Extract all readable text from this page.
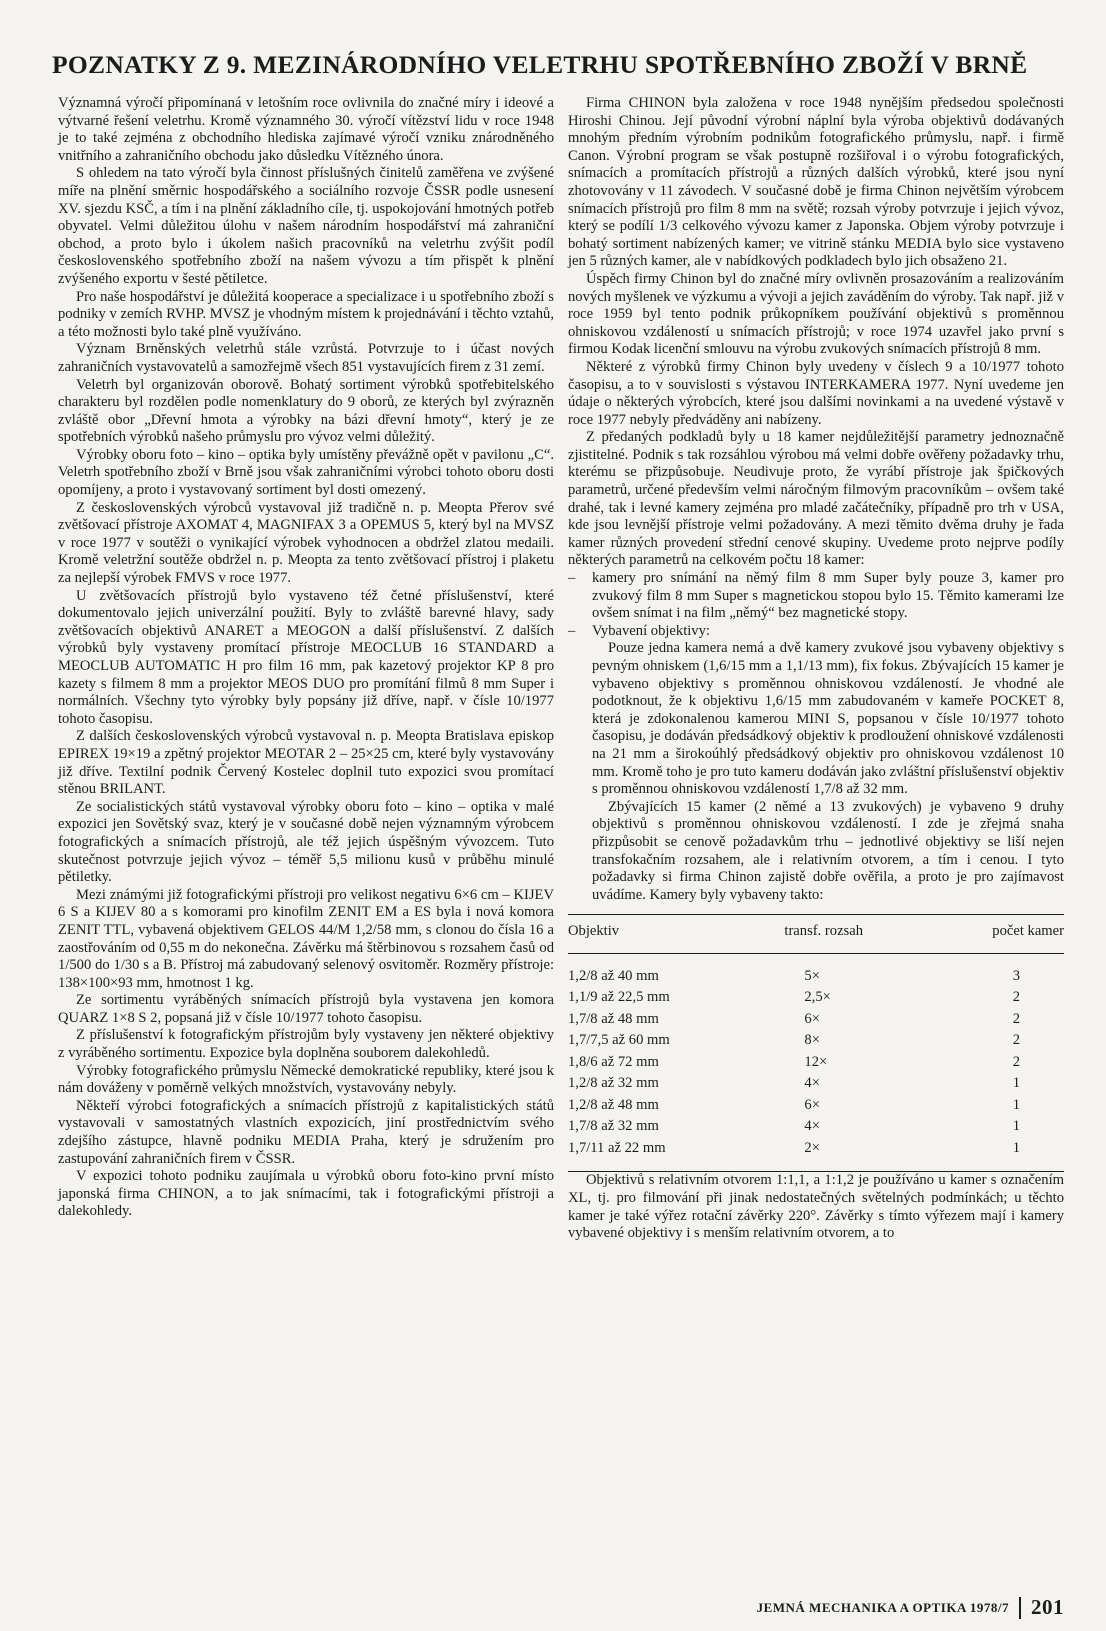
POZNATKY Z 9. MEZINÁRODNÍHO VELETRHU SPOTŘEBNÍHO ZBOŽÍ V BRNĚ

Významná výročí připomínaná v letošním roce ovlivnila do značné míry i ideové a výtvarné řešení veletrhu. Kromě významného 30. výročí vítězství lidu v roce 1948 je to také zejména z obchodního hlediska zajímavé výročí vzniku znárodněného vnitřního a zahraničního obchodu jako důsledku Vítězného února.

S ohledem na tato výročí byla činnost příslušných činitelů zaměřena ve zvýšené míře na plnění směrnic hospodářského a sociálního rozvoje ČSSR podle usnesení XV. sjezdu KSČ, a tím i na plnění základního cíle, tj. uspokojování hmotných potřeb obyvatel. Velmi důležitou úlohu v našem národním hospodářství má zahraniční obchod, a proto bylo i úkolem našich pracovníků na veletrhu zvýšit podíl československého spotřebního zboží na našem vývozu a tím přispět k plnění zvýšeného exportu v šesté pětiletce.

Pro naše hospodářství je důležitá kooperace a specializace i u spotřebního zboží s podniky v zemích RVHP. MVSZ je vhodným místem k projednávání i těchto vztahů, a této možnosti bylo také plně využíváno.

Význam Brněnských veletrhů stále vzrůstá. Potvrzuje to i účast nových zahraničních vystavovatelů a samozřejmě všech 851 vystavujících firem z 31 zemí.

Veletrh byl organizován oborově. Bohatý sortiment výrobků spotřebitelského charakteru byl rozdělen podle nomenklatury do 9 oborů, ze kterých byl zvýrazněn zvláště obor „Dřevní hmota a výrobky na bázi dřevní hmoty“, který je ze spotřebních výrobků našeho průmyslu pro vývoz velmi důležitý.

Výrobky oboru foto – kino – optika byly umístěny převážně opět v pavilonu „C“. Veletrh spotřebního zboží v Brně jsou však zahraničními výrobci tohoto oboru dosti opomíjeny, a proto i vystavovaný sortiment byl dosti omezený.

Z československých výrobců vystavoval již tradičně n. p. Meopta Přerov své zvětšovací přístroje AXOMAT 4, MAGNIFAX 3 a OPEMUS 5, který byl na MVSZ v roce 1977 v soutěži o vynikající výrobek vyhodnocen a obdržel zlatou medaili. Kromě veletržní soutěže obdržel n. p. Meopta za tento zvětšovací přístroj i plaketu za nejlepší výrobek FMVS v roce 1977.

U zvětšovacích přístrojů bylo vystaveno též četné příslušenství, které dokumentovalo jejich univerzální použití. Byly to zvláště barevné hlavy, sady zvětšovacích objektivů ANARET a MEOGON a další příslušenství. Z dalších výrobků byly vystaveny promítací přístroje MEOCLUB 16 STANDARD a MEOCLUB AUTOMATIC H pro film 16 mm, pak kazetový projektor KP 8 pro kazety s filmem 8 mm a projektor MEOS DUO pro promítání filmů 8 mm Super i normálních. Všechny tyto výrobky byly popsány již dříve, např. v čísle 10/1977 tohoto časopisu.

Z dalších československých výrobců vystavoval n. p. Meopta Bratislava episkop EPIREX 19×19 a zpětný projektor MEOTAR 2 – 25×25 cm, které byly vystavovány již dříve. Textilní podnik Červený Kostelec doplnil tuto expozici svou promítací stěnou BRILANT.

Ze socialistických států vystavoval výrobky oboru foto – kino – optika v malé expozici jen Sovětský svaz, který je v současné době nejen významným výrobcem fotografických a snímacích přístrojů, ale též jejich úspěšným vývozcem. Tuto skutečnost potvrzuje jejich vývoz – téměř 5,5 milionu kusů v průběhu minulé pětiletky.

Mezi známými již fotografickými přístroji pro velikost negativu 6×6 cm – KIJEV 6 S a KIJEV 80 a s komorami pro kinofilm ZENIT EM a ES byla i nová komora ZENIT TTL, vybavená objektivem GELOS 44/M 1,2/58 mm, s clonou do čísla 16 a zaostřováním od 0,55 m do nekonečna. Závěrku má štěrbinovou s rozsahem časů od 1/500 do 1/30 s a B. Přístroj má zabudovaný selenový osvitoměr. Rozměry přístroje: 138×100×93 mm, hmotnost 1 kg.

Ze sortimentu vyráběných snímacích přístrojů byla vystavena jen komora QUARZ 1×8 S 2, popsaná již v čísle 10/1977 tohoto časopisu.

Z příslušenství k fotografickým přístrojům byly vystaveny jen některé objektivy z vyráběného sortimentu. Expozice byla doplněna souborem dalekohledů.

Výrobky fotografického průmyslu Německé demokratické republiky, které jsou k nám dováženy v poměrně velkých množstvích, vystavovány nebyly.

Někteří výrobci fotografických a snímacích přístrojů z kapitalistických států vystavovali v samostatných vlastních expozicích, jiní prostřednictvím svého zdejšího zástupce, hlavně podniku MEDIA Praha, který je sdružením pro zastupování zahraničních firem v ČSSR.

V expozici tohoto podniku zaujímala u výrobků oboru foto-kino první místo japonská firma CHINON, a to jak snímacími, tak i fotografickými přístroji a dalekohledy.

Firma CHINON byla založena v roce 1948 nynějším předsedou společnosti Hiroshi Chinou. Její původní výrobní náplní byla výroba objektivů dodávaných mnohým předním výrobním podnikům fotografického průmyslu, např. i firmě Canon. Výrobní program se však postupně rozšiřoval i o výrobu fotografických, snímacích a promítacích přístrojů a různých dalších výrobků, které jsou nyní zhotovovány v 11 závodech. V současné době je firma Chinon největším výrobcem snímacích přístrojů pro film 8 mm na světě; rozsah výroby potvrzuje i jejich vývoz, který se podílí 1/3 celkového vývozu kamer z Japonska. Objem výroby potvrzuje i bohatý sortiment nabízených kamer; ve vitrině stánku MEDIA bylo sice vystaveno jen 5 různých kamer, ale v nabídkových podkladech bylo jich obsaženo 21.

Úspěch firmy Chinon byl do značné míry ovlivněn prosazováním a realizováním nových myšlenek ve výzkumu a vývoji a jejich zaváděním do výroby. Tak např. již v roce 1959 byl tento podnik průkopníkem používání objektivů s proměnnou ohniskovou vzdáleností u snímacích přístrojů; v roce 1974 uzavřel jako první s firmou Kodak licenční smlouvu na výrobu zvukových snímacích přístrojů 8 mm.

Některé z výrobků firmy Chinon byly uvedeny v číslech 9 a 10/1977 tohoto časopisu, a to v souvislosti s výstavou INTERKAMERA 1977. Nyní uvedeme jen údaje o některých výrobcích, které jsou dalšími novinkami a na uvedené výstavě v roce 1977 nebyly předváděny ani nabízeny.

Z předaných podkladů byly u 18 kamer nejdůležitější parametry jednoznačně zjistitelné. Podnik s tak rozsáhlou výrobou má velmi dobře ověřeny požadavky trhu, kterému se přizpůsobuje. Neudivuje proto, že vyrábí přístroje jak špičkových parametrů, určené především velmi náročným filmovým pracovníkům – ovšem také drahé, tak i levné kamery zejména pro mladé začátečníky, případně pro trh v USA, kde jsou levnější přístroje velmi požadovány. A mezi těmito dvěma druhy je řada kamer různých provedení střední cenové skupiny. Uvedeme proto nejprve podíly některých parametrů na celkovém počtu 18 kamer:

– kamery pro snímání na němý film 8 mm Super byly pouze 3, kamer pro zvukový film 8 mm Super s magnetickou stopou bylo 15. Těmito kamerami lze ovšem snímat i na film „němý“ bez magnetické stopy.
– Vybavení objektivy:

Pouze jedna kamera nemá a dvě kamery zvukové jsou vybaveny objektivy s pevným ohniskem (1,6/15 mm a 1,1/13 mm), fix fokus. Zbývajících 15 kamer je vybaveno objektivy s proměnnou ohniskovou vzdáleností. Je vhodné ale podotknout, že k objektivu 1,6/15 mm zabudovaném v kameře POCKET 8, která je zdokonalenou kamerou MINI S, popsanou v čísle 10/1977 tohoto časopisu, je dodáván předsádkový objektiv k prodloužení ohniskové vzdálenosti na 21 mm a širokoúhlý předsádkový objektiv pro ohniskovou vzdálenost 10 mm. Kromě toho je pro tuto kameru dodáván jako zvláštní příslušenství objektiv s proměnnou ohniskovou vzdáleností 1,7/8 až 32 mm.

Zbývajících 15 kamer (2 němé a 13 zvukových) je vybaveno 9 druhy objektivů s proměnnou ohniskovou vzdáleností. I zde je zřejmá snaha přizpůsobit se cenově požadavkům trhu – jednotlivé objektivy se liší nejen transfokačním rozsahem, ale i relativním otvorem, a tím i cenou. I tyto požadavky si firma Chinon zajistě dobře ověřila, a proto je pro zajímavost uvádíme. Kamery byly vybaveny takto:

Objektiv	transf. rozsah	počet kamer
1,2/8 až 40 mm	5×	3
1,1/9 až 22,5 mm	2,5×	2
1,7/8 až 48 mm	6×	2
1,7/7,5 až 60 mm	8×	2
1,8/6 až 72 mm	12×	2
1,2/8 až 32 mm	4×	1
1,2/8 až 48 mm	6×	1
1,7/8 až 32 mm	4×	1
1,7/11 až 22 mm	2×	1

Objektivů s relativním otvorem 1:1,1, a 1:1,2 je používáno u kamer s označením XL, tj. pro filmování při jinak nedostatečných světelných podmínkách; u těchto kamer je také výřez rotační závěrky 220°. Závěrky s tímto výřezem mají i kamery vybavené objektivy i s menším relativním otvorem, a to

JEMNÁ MECHANIKA A OPTIKA 1978/7 201
